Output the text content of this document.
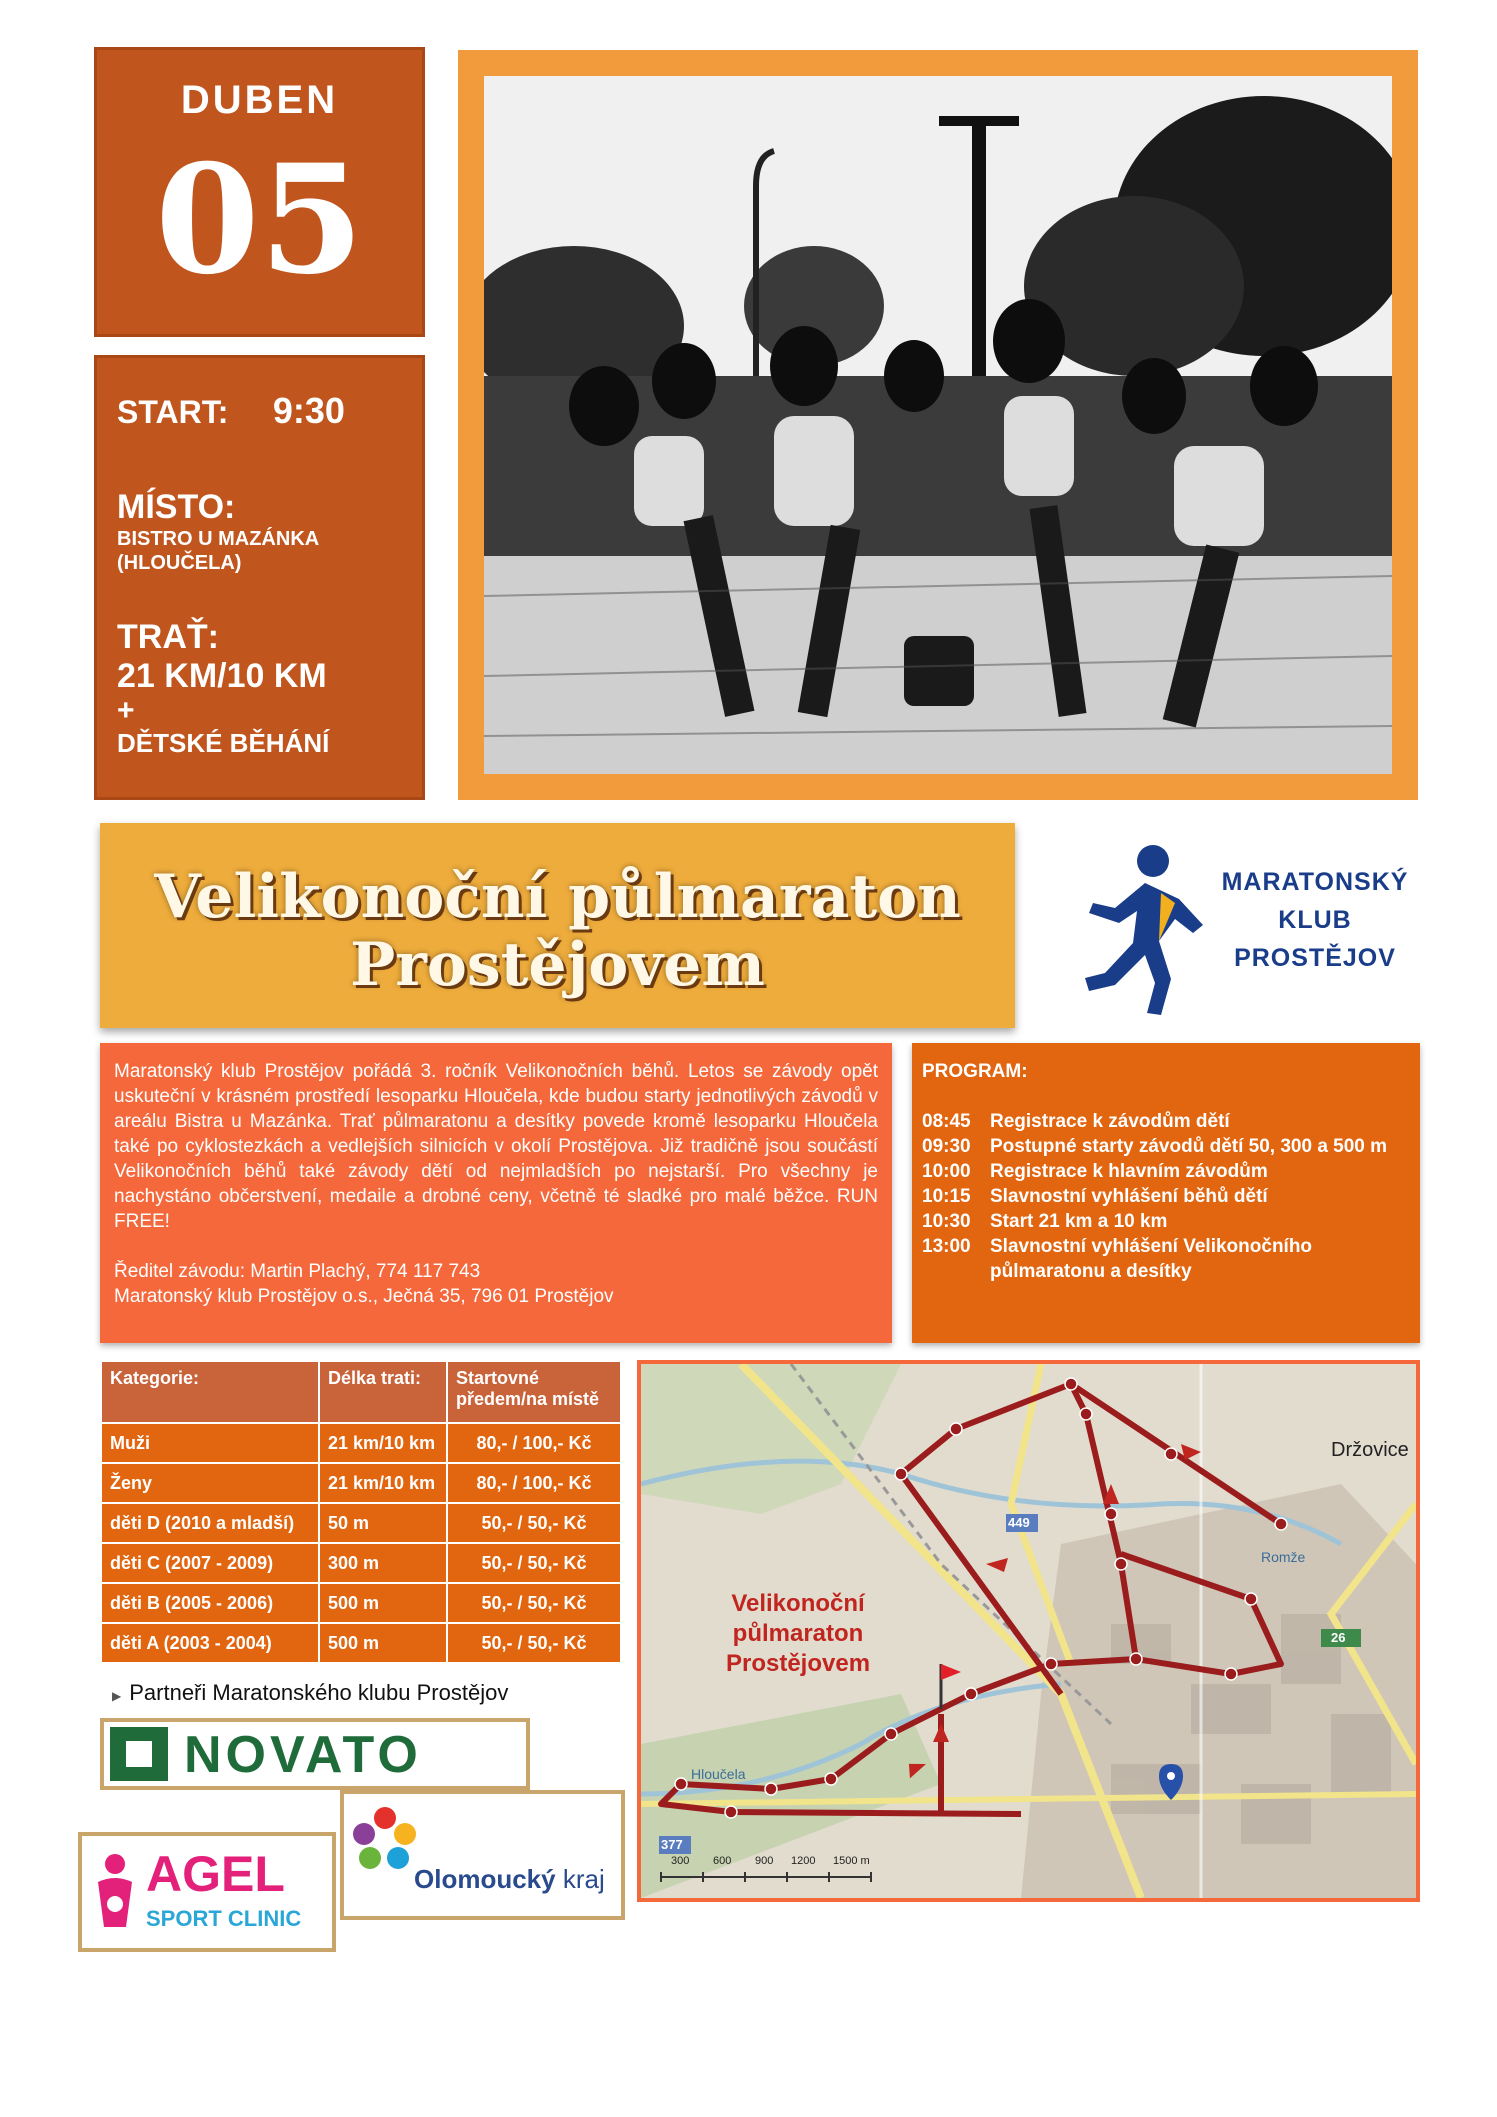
DUBEN
05
START: 9:30
MÍSTO:
BISTRO U MAZÁNKA
(HLOUČELA)
TRAŤ:
21 KM/10 KM
+
DĚTSKÉ BĚHÁNÍ
Velikonoční půlmaraton
Prostějovem
MARATONSKÝ
KLUB
PROSTĚJOV

Maratonský klub Prostějov pořádá 3. ročník Velikonočních běhů. Letos se závody opět uskuteční v krásném prostředí lesoparku Hloučela, kde budou starty jednotlivých závodů v areálu Bistra u Mazánka. Trať půlmaratonu a desítky povede kromě lesoparku Hloučela také po cyklostezkách a vedlejších silnicích v okolí Prostějova. Již tradičně jsou součástí Velikonočních běhů také závody dětí od nejmladších po nejstarší. Pro všechny je nachystáno občerstvení, medaile a drobné ceny, včetně té sladké pro malé běžce. RUN FREE!

Ředitel závodu: Martin Plachý, 774 117 743

Maratonský klub Prostějov o.s., Ječná 35, 796 01 Prostějov

PROGRAM:
08:45	Registrace k závodům dětí
09:30	Postupné starty závodů dětí 50, 300 a 500 m
10:00	Registrace k hlavním závodům
10:15	Slavnostní vyhlášení běhů dětí
10:30	Start 21 km a 10 km
13:00	Slavnostní vyhlášení Velikonočního půlmaratonu a desítky
Kategorie:	Délka trati:	Startovné předem/na místě
Muži	21 km/10 km	80,- / 100,- Kč
Ženy	21 km/10 km	80,- / 100,- Kč
děti D (2010 a mladší)	50 m	50,- / 50,- Kč
děti C (2007 - 2009)	300 m	50,- / 50,- Kč
děti B (2005 - 2006)	500 m	50,- / 50,- Kč
děti A (2003 - 2004)	500 m	50,- / 50,- Kč
▶ Partneři Maratonského klubu Prostějov
NOVATO
Olomoucký kraj
AGEL
SPORT CLINIC
Velikonoční půlmaraton
Prostějovem
Držovice
Romže
Hloučela
449
377
26
300 600 900 1200 1500 m
